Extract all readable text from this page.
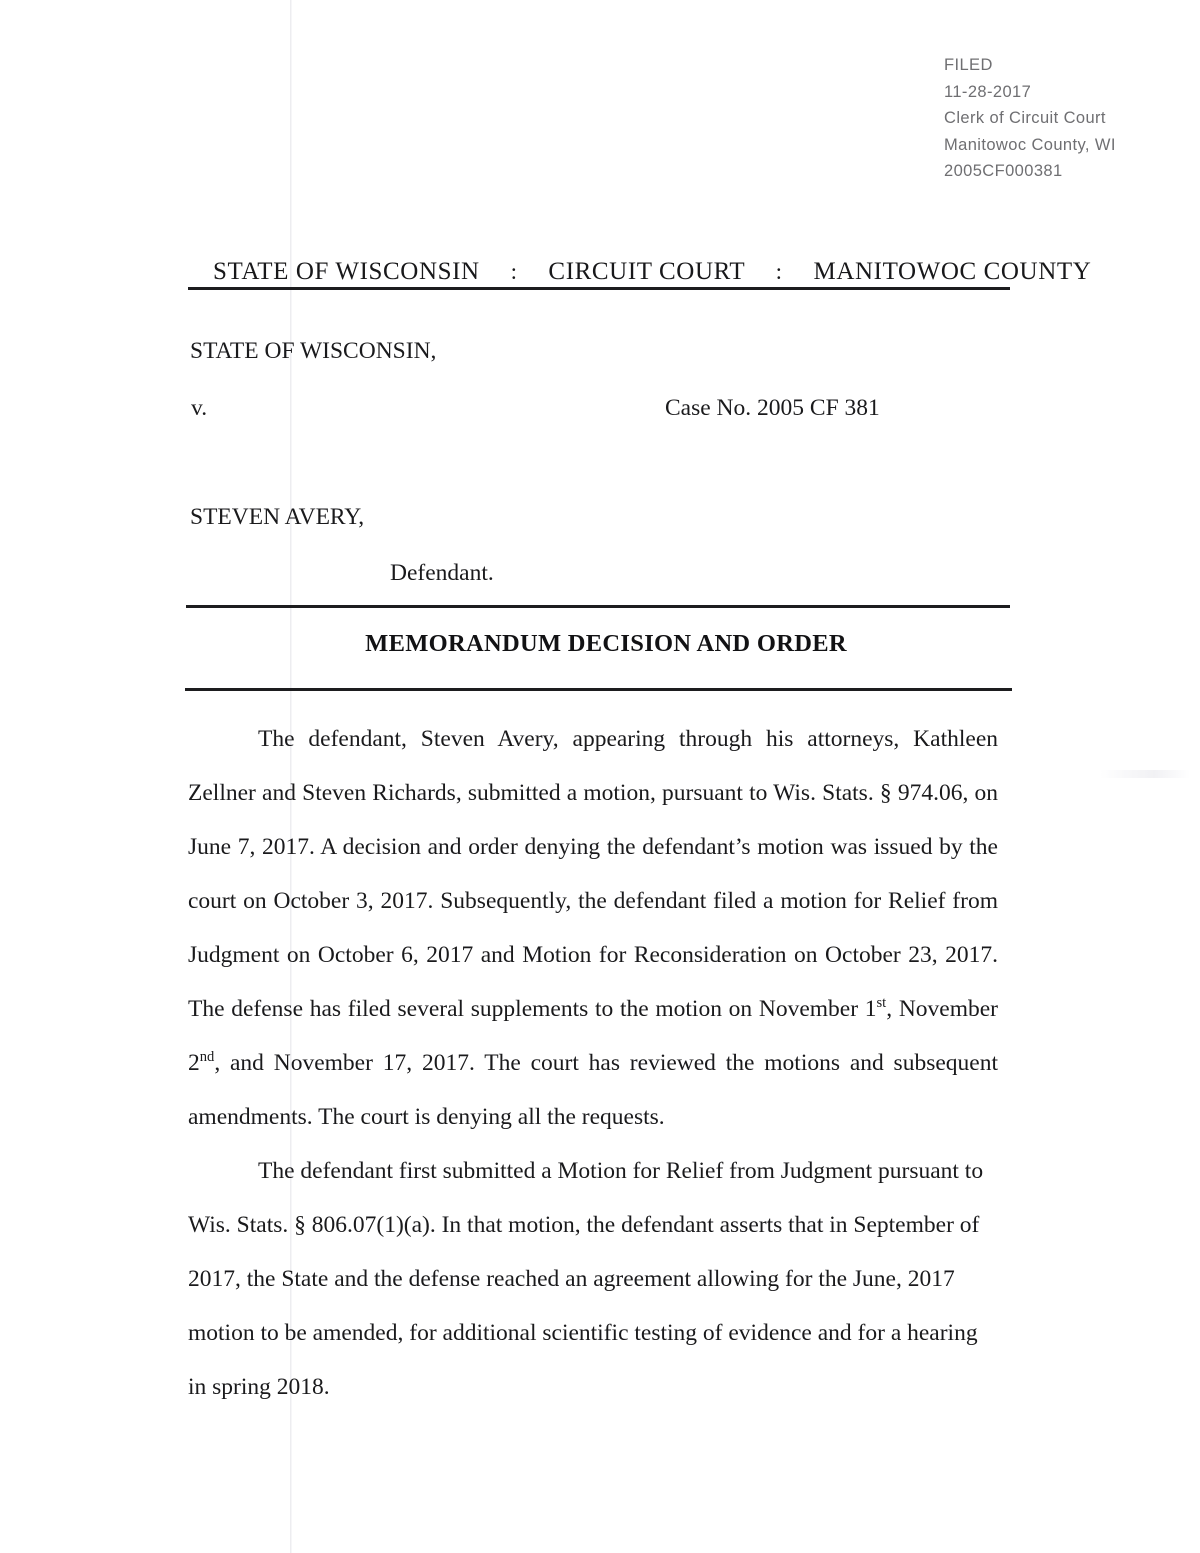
FILED
11-28-2017
Clerk of Circuit Court
Manitowoc County, WI
2005CF000381
STATE OF WISCONSIN : CIRCUIT COURT : MANITOWOC COUNTY
STATE OF WISCONSIN,
v.	Case No. 2005 CF 381
STEVEN AVERY,
Defendant.
MEMORANDUM DECISION AND ORDER

The defendant, Steven Avery, appearing through his attorneys, Kathleen Zellner and Steven Richards, submitted a motion, pursuant to Wis. Stats. § 974.06, on June 7, 2017. A decision and order denying the defendant’s motion was issued by the court on October 3, 2017. Subsequently, the defendant filed a motion for Relief from Judgment on October 6, 2017 and Motion for Reconsideration on October 23, 2017. The defense has filed several supplements to the motion on November 1st, November 2nd, and November 17, 2017. The court has reviewed the motions and subsequent amendments. The court is denying all the requests.

The defendant first submitted a Motion for Relief from Judgment pursuant to Wis. Stats. § 806.07(1)(a). In that motion, the defendant asserts that in September of 2017, the State and the defense reached an agreement allowing for the June, 2017 motion to be amended, for additional scientific testing of evidence and for a hearing in spring 2018.
